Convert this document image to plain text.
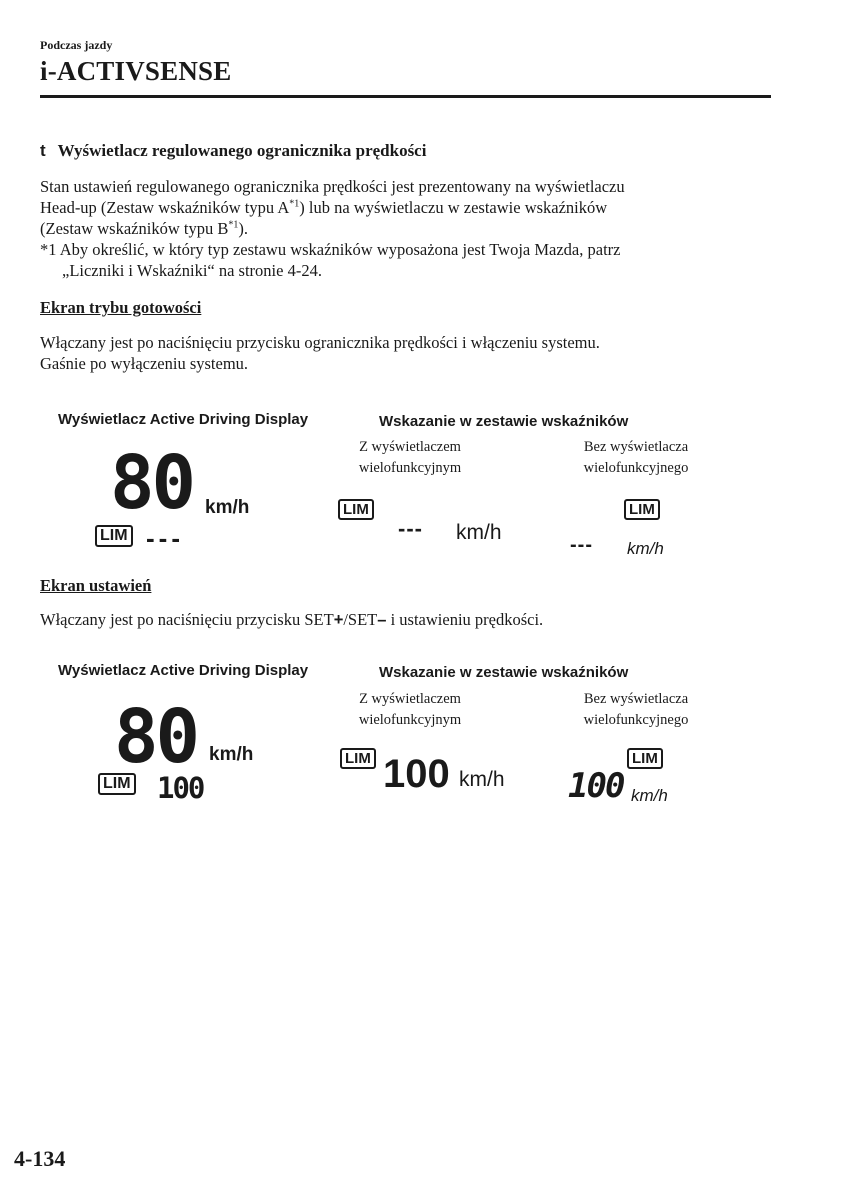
Podczas jazdy
i-ACTIVSENSE
t Wyświetlacz regulowanego ogranicznika prędkości

Stan ustawień regulowanego ogranicznika prędkości jest prezentowany na wyświetlaczu

Head-up (Zestaw wskaźników typu $A^{*1}$) lub na wyświetlaczu w zestawie wskaźników

(Zestaw wskaźników typu $B^{*1}$).

*1 Aby określić, w który typ zestawu wskaźników wyposażona jest Twoja Mazda, patrz

„Liczniki i Wskaźniki“ na stronie 4-24.

Ekran trybu gotowości

Włączany jest po naciśnięciu przycisku ogranicznika prędkości i włączeniu systemu.

Gaśnie po wyłączeniu systemu.

Wyświetlacz Active Driving Display	Wskazanie w zestawie wskaźników
Z wyświetlaczem
wielofunkcyjnym
Bez wyświetlacza
wielofunkcyjnego
80 km/h
LIM ---
LIM
--- km/h
LIM
--- km/h
Ekran ustawień

Włączany jest po naciśnięciu przycisku SET+/SET– i ustawieniu prędkości.

Wyświetlacz Active Driving Display	Wskazanie w zestawie wskaźników
Z wyświetlaczem
wielofunkcyjnym
Bez wyświetlacza
wielofunkcyjnego
80 km/h
LIM 100
LIM 100 km/h
LIM
100 km/h
4-134
